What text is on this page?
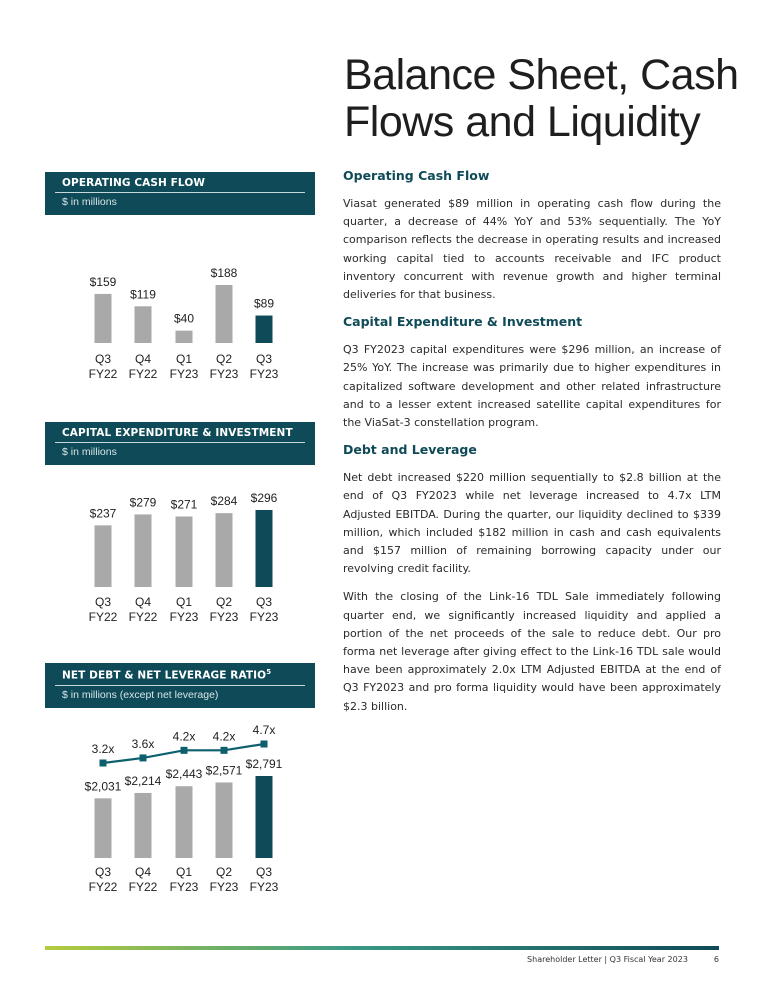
Balance Sheet, Cash
Flows and Liquidity
OPERATING CASH FLOW
$ in millions
$159
Q3
FY22
$119
Q4
FY22
$40
Q1
FY23
$188
Q2
FY23
$89
Q3
FY23
CAPITAL EXPENDITURE & INVESTMENT
$ in millions
$237
Q3
FY22
$279
Q4
FY22
$271
Q1
FY23
$284
Q2
FY23
$296
Q3
FY23
NET DEBT & NET LEVERAGE RATIO$^5$
$ in millions (except net leverage)
$2,031
Q3
FY22
$2,214
Q4
FY22
$2,443
Q1
FY23
$2,571
Q2
FY23
$2,791
Q3
FY23
3.2x 3.6x
4.2x 4.2x 4.7x
Operating Cash Flow

Viasat generated $89 million in operating cash flow during the quarter, a decrease of 44% YoY and 53% sequentially. The YoY comparison reflects the decrease in operating results and increased working capital tied to accounts receivable and IFC product inventory concurrent with revenue growth and higher terminal deliveries for that business.

Capital Expenditure & Investment

Q3 FY2023 capital expenditures were $296 million, an increase of 25% YoY. The increase was primarily due to higher expenditures in capitalized software development and other related infrastructure and to a lesser extent increased satellite capital expenditures for the ViaSat-3 constellation program.

Debt and Leverage

Net debt increased $220 million sequentially to $2.8 billion at the end of Q3 FY2023 while net leverage increased to 4.7x LTM Adjusted EBITDA. During the quarter, our liquidity declined to $339 million, which included $182 million in cash and cash equivalents and $157 million of remaining borrowing capacity under our revolving credit facility.

With the closing of the Link-16 TDL Sale immediately following quarter end, we significantly increased liquidity and applied a portion of the net proceeds of the sale to reduce debt. Our pro forma net leverage after giving effect to the Link-16 TDL sale would have been approximately 2.0x LTM Adjusted EBITDA at the end of Q3 FY2023 and pro forma liquidity would have been approximately $2.3 billion.

Shareholder Letter | Q3 Fiscal Year 2023	6
